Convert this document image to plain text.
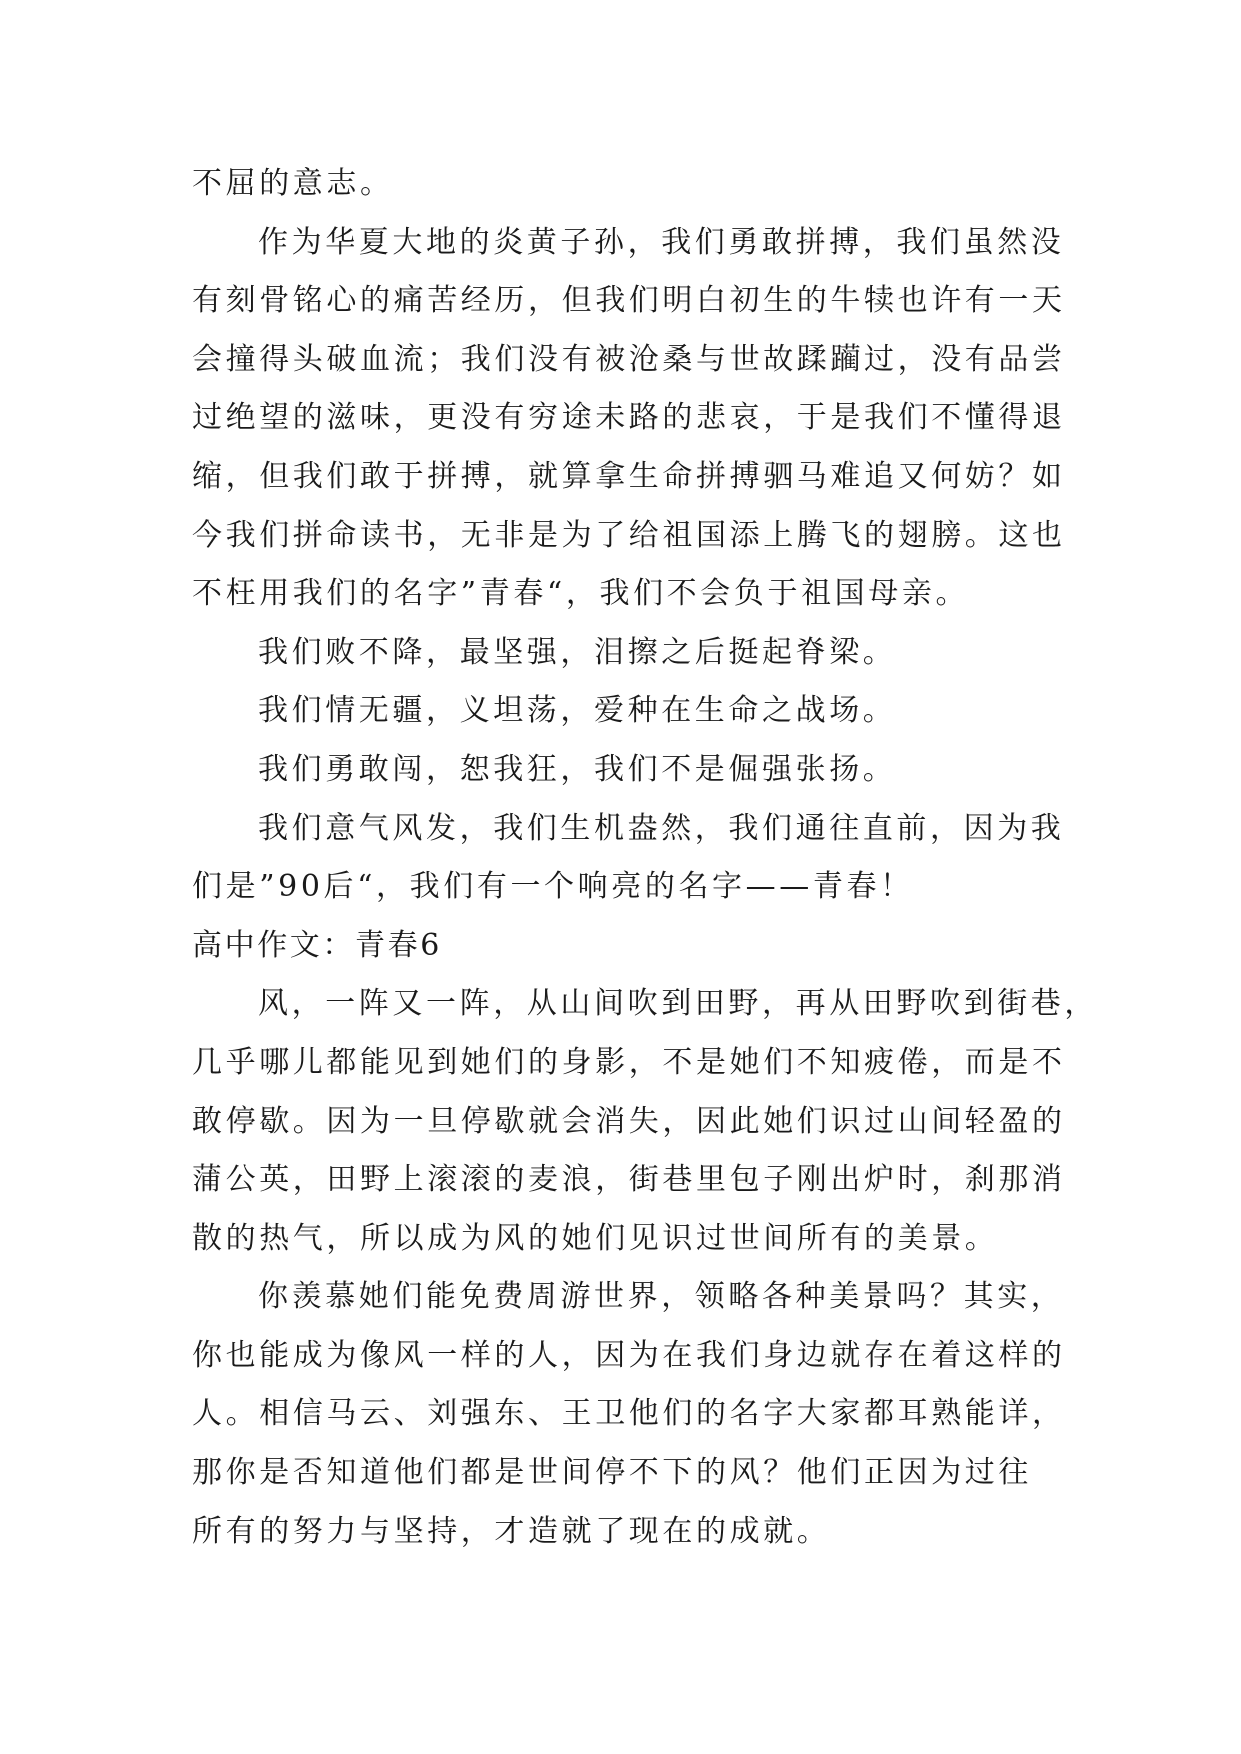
不屈的意志。
作为华夏大地的炎黄子孙，我们勇敢拼搏，我们虽然没
有刻骨铭心的痛苦经历，但我们明白初生的牛犊也许有一天
会撞得头破血流；我们没有被沧桑与世故蹂躏过，没有品尝
过绝望的滋味，更没有穷途未路的悲哀，于是我们不懂得退
缩，但我们敢于拼搏，就算拿生命拼搏驷马难追又何妨？如
今我们拼命读书，无非是为了给祖国添上腾飞的翅膀。这也
不枉用我们的名字”青春“，我们不会负于祖国母亲。
我们败不降，最坚强，泪擦之后挺起脊梁。
我们情无疆，义坦荡，爱种在生命之战场。
我们勇敢闯，恕我狂，我们不是倔强张扬。
我们意气风发，我们生机盎然，我们通往直前，因为我
们是”90后“，我们有一个响亮的名字——青春！
高中作文：青春6
风，一阵又一阵，从山间吹到田野，再从田野吹到街巷，
几乎哪儿都能见到她们的身影，不是她们不知疲倦，而是不
敢停歇。因为一旦停歇就会消失，因此她们识过山间轻盈的
蒲公英，田野上滚滚的麦浪，街巷里包子刚出炉时，刹那消
散的热气，所以成为风的她们见识过世间所有的美景。
你羡慕她们能免费周游世界，领略各种美景吗？其实，
你也能成为像风一样的人，因为在我们身边就存在着这样的
人。相信马云、刘强东、王卫他们的名字大家都耳熟能详，
那你是否知道他们都是世间停不下的风？他们正因为过往
所有的努力与坚持，才造就了现在的成就。
